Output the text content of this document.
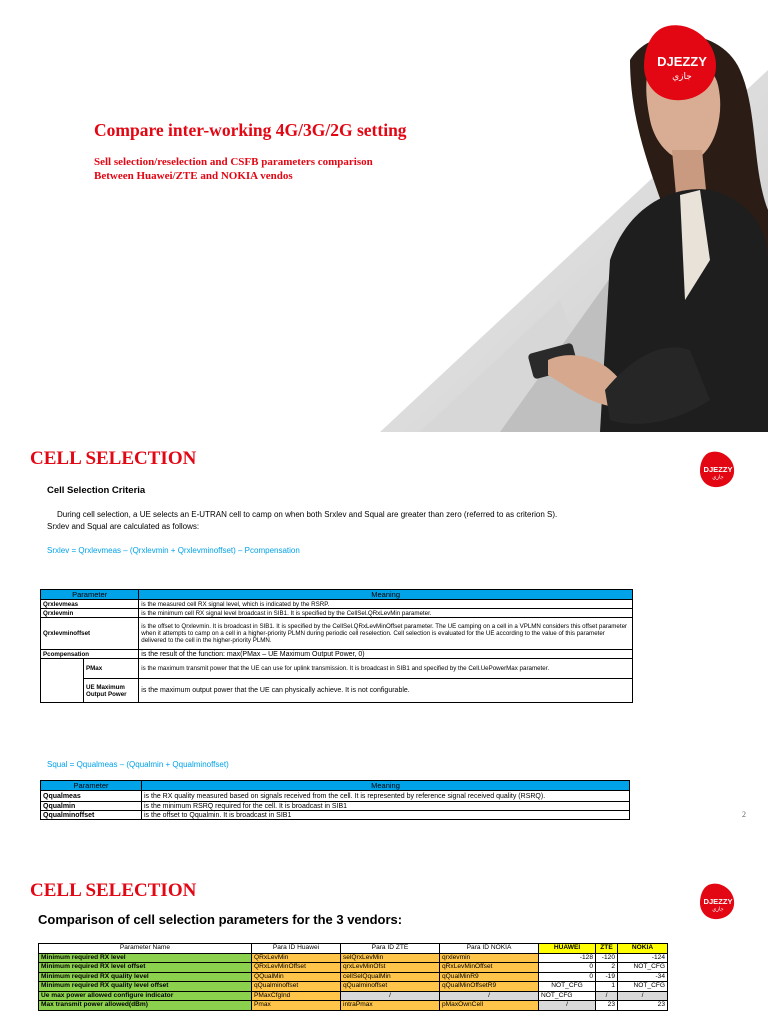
Compare inter-working 4G/3G/2G setting
Sell selection/reselection and CSFB parameters comparison
Between Huawei/ZTE and NOKIA vendos
DJEZZY
جازي
CELL SELECTION
DJEZZY
جازي
Cell Selection Criteria
During cell selection, a UE selects an E-UTRAN cell to camp on when both Srxlev and Squal are greater than zero (referred to as criterion S).
Srxlev and Squal are calculated as follows:
Srxlev = Qrxlevmeas – (Qrxlevmin + Qrxlevminoffset) – Pcompensation
Parameter		Meaning
Qrxlevmeas		is the measured cell RX signal level, which is indicated by the RSRP.
Qrxlevmin		is the minimum cell RX signal level broadcast in SIB1. It is specified by the CellSel.QRxLevMin parameter.
Qrxlevminoffset		is the offset to Qrxlevmin. It is broadcast in SIB1. It is specified by the CellSel.QRxLevMinOffset parameter. The UE camping on a cell in a VPLMN considers this offset parameter when it attempts to camp on a cell in a higher-priority PLMN during periodic cell reselection. Cell selection is evaluated for the UE according to the value of this parameter delivered to the cell in the higher-priority PLMN.
Pcompensation		is the result of the function: max(PMax – UE Maximum Output Power, 0)
	PMax	is the maximum transmit power that the UE can use for uplink transmission. It is broadcast in SIB1 and specified by the Cell.UePowerMax parameter.
	UE Maximum Output Power	is the maximum output power that the UE can physically achieve. It is not configurable.
Squal = Qqualmeas – (Qqualmin + Qqualminoffset)
Parameter	Meaning
Qqualmeas	is the RX quality measured based on signals received from the cell. It is represented by reference signal received quality (RSRQ).
Qqualmin	is the minimum RSRQ required for the cell. It is broadcast in SIB1
Qqualminoffset	is the offset to Qqualmin. It is broadcast in SIB1	2
CELL SELECTION
DJEZZY
جازي
Comparison of cell selection parameters for the 3 vendors:
Parameter Name	Para ID Huawei	Para ID ZTE	Para ID NOKIA	HUAWEI	ZTE	NOKIA
Minimum required RX level	QRxLevMin	selQrxLevMin	qrxlevmin	-128	-120	-124
Minimum required RX level offset	QRxLevMinOffset	qrxLevMinOfst	qRxLevMinOffset	0	2	NOT_CFG
Minimum required RX quality level	QQualMin	cellSelQqualMin	qQualMinR9	0	-19	-34
Minimum required RX quality level offset	qQualminoffset	qQualminoffset	qQualMinOffsetR9	NOT_CFG	1	NOT_CFG
Ue max power allowed configure indicator	PMaxCfgInd	/	/	NOT_CFG	/	/
Max transmit power allowed(dBm)	Pmax	intraPmax	pMaxOwnCell	/	23	23
